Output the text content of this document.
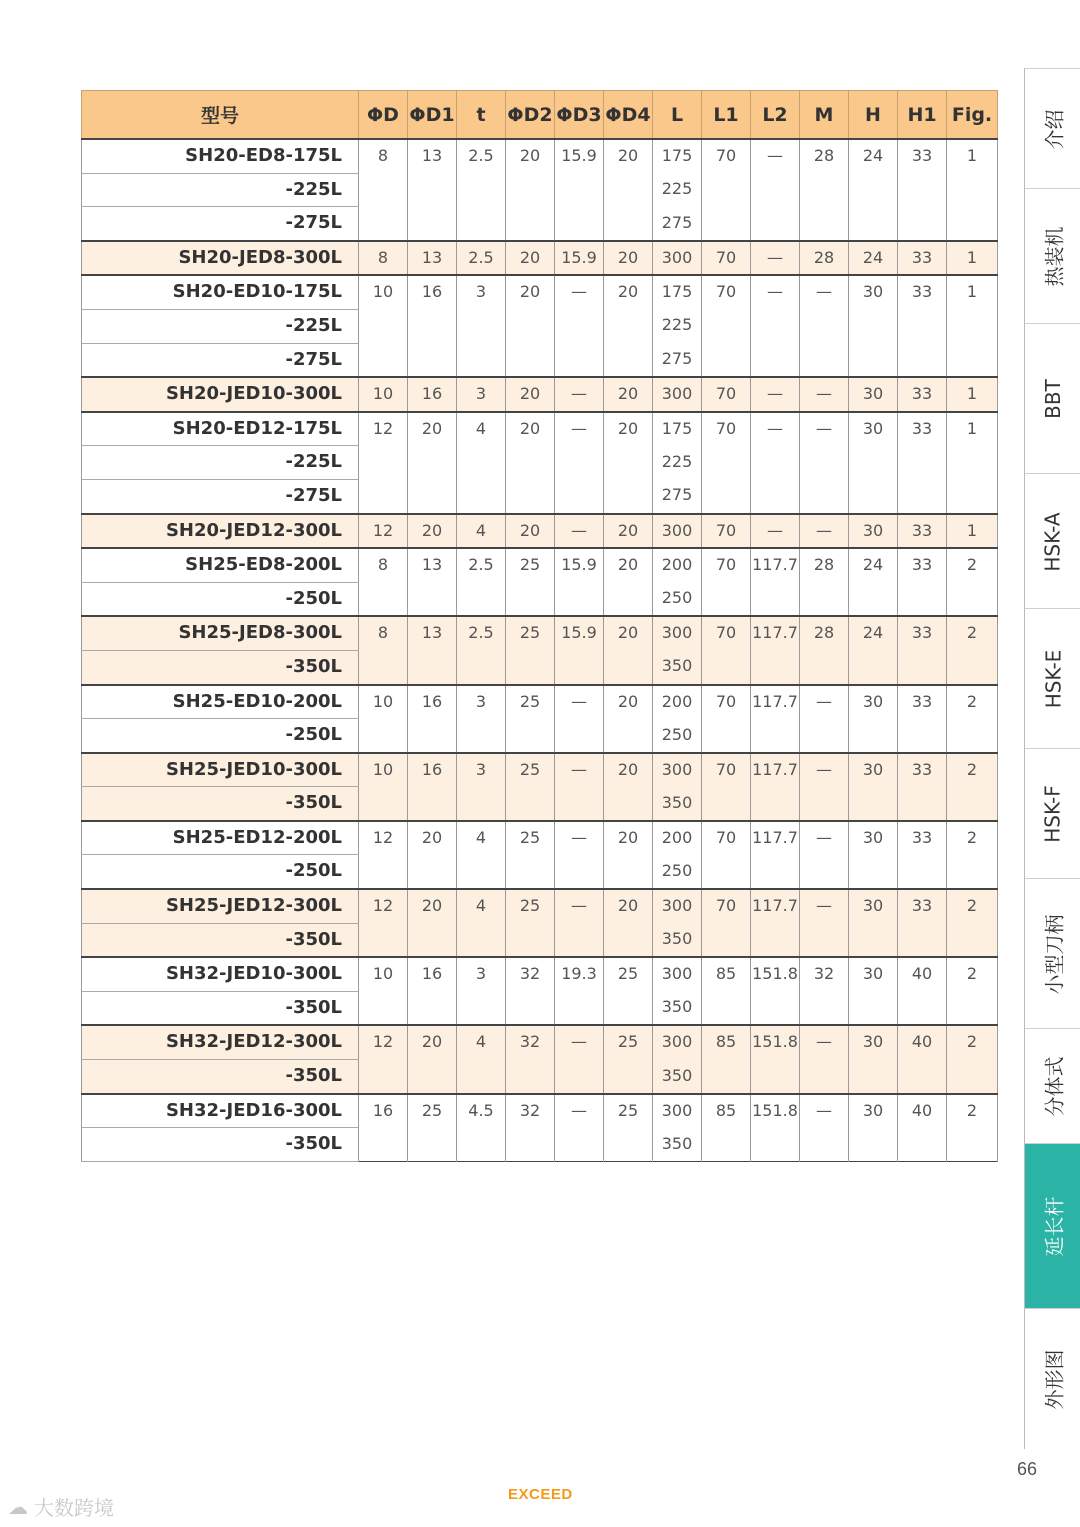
型号	ΦD	ΦD1	t	ΦD2	ΦD3	ΦD4	L	L1	L2	M	H	H1	Fig.
SH20-ED8-175L	8	13	2.5	20	15.9	20	175	70	—	28	24	33	1
-225L							225						
-275L							275						
SH20-JED8-300L	8	13	2.5	20	15.9	20	300	70	—	28	24	33	1
SH20-ED10-175L	10	16	3	20	—	20	175	70	—	—	30	33	1
-225L							225						
-275L							275						
SH20-JED10-300L	10	16	3	20	—	20	300	70	—	—	30	33	1
SH20-ED12-175L	12	20	4	20	—	20	175	70	—	—	30	33	1
-225L							225						
-275L							275						
SH20-JED12-300L	12	20	4	20	—	20	300	70	—	—	30	33	1
SH25-ED8-200L	8	13	2.5	25	15.9	20	200	70	117.7	28	24	33	2
-250L							250						
SH25-JED8-300L	8	13	2.5	25	15.9	20	300	70	117.7	28	24	33	2
-350L							350						
SH25-ED10-200L	10	16	3	25	—	20	200	70	117.7	—	30	33	2
-250L							250						
SH25-JED10-300L	10	16	3	25	—	20	300	70	117.7	—	30	33	2
-350L							350						
SH25-ED12-200L	12	20	4	25	—	20	200	70	117.7	—	30	33	2
-250L							250						
SH25-JED12-300L	12	20	4	25	—	20	300	70	117.7	—	30	33	2
-350L							350						
SH32-JED10-300L	10	16	3	32	19.3	25	300	85	151.8	32	30	40	2
-350L							350						
SH32-JED12-300L	12	20	4	32	—	25	300	85	151.8	—	30	40	2
-350L							350						
SH32-JED16-300L	16	25	4.5	32	—	25	300	85	151.8	—	30	40	2
-350L							350						
介绍
热装机
BBT
HSK-A
HSK-E
HSK-F
小型刀柄
分体式
延长杆
外形图
66
EXCEED
☁ 大数跨境
